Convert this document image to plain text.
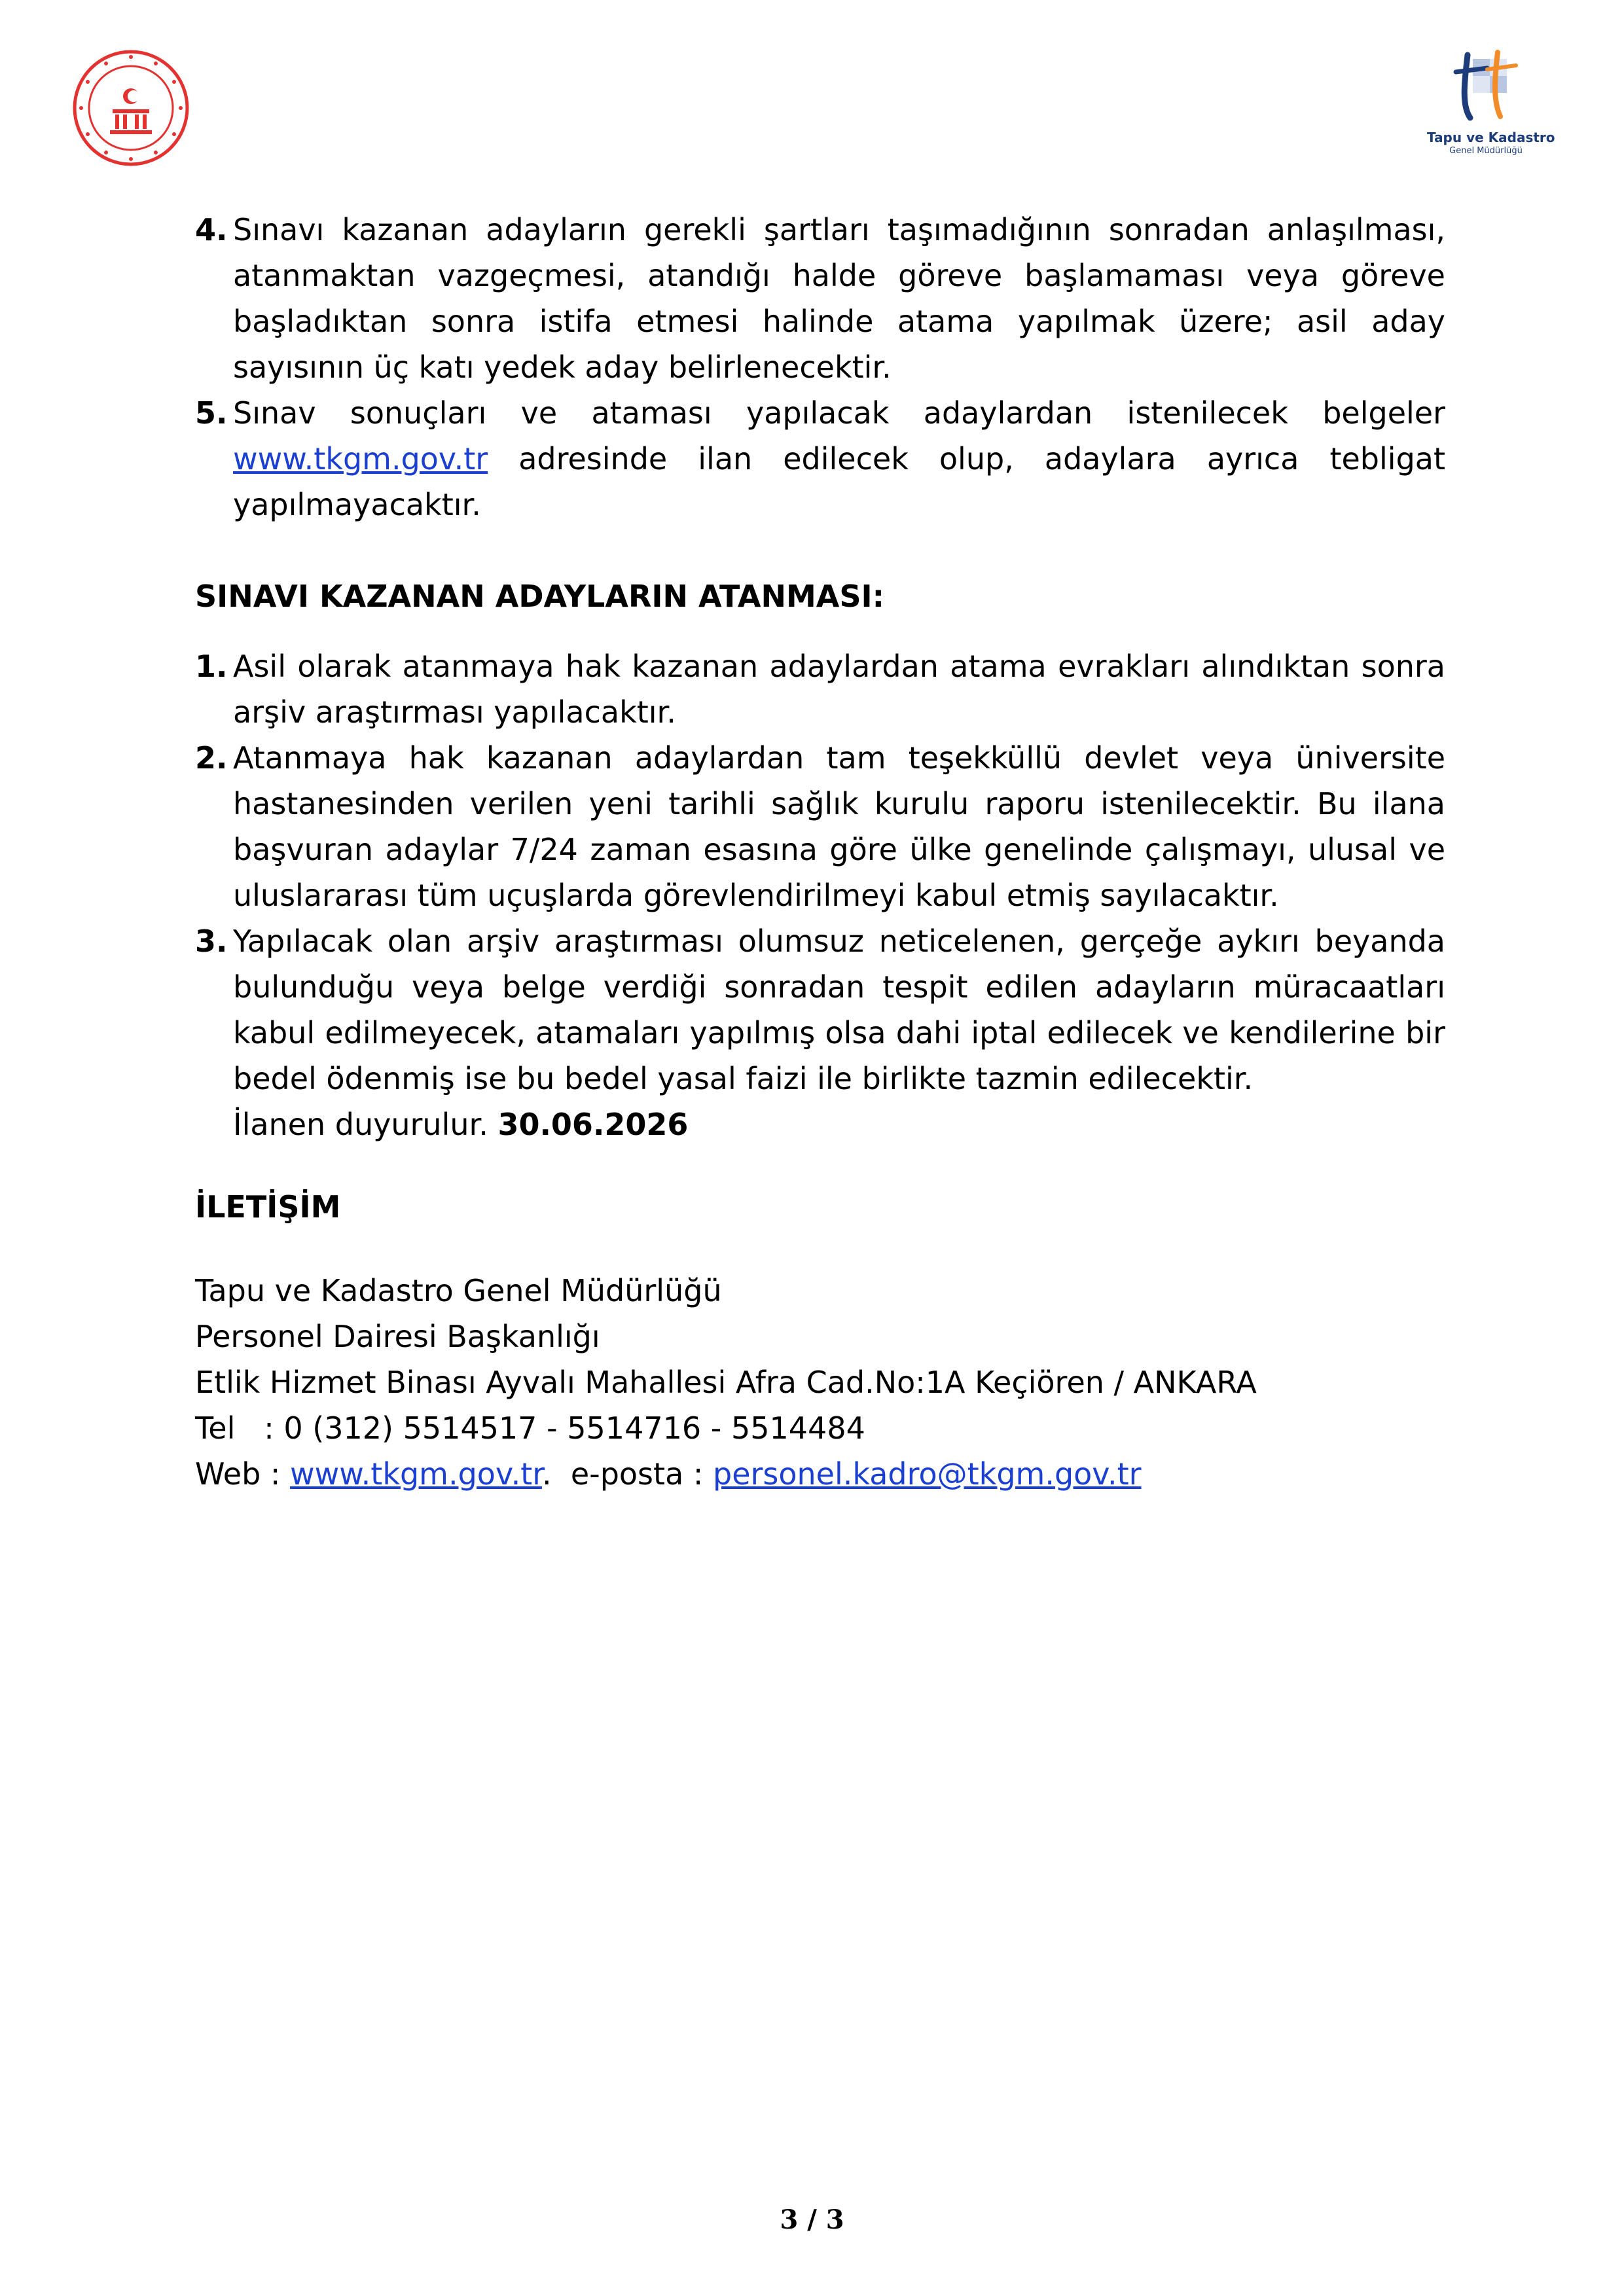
Tapu ve Kadastro
Genel Müdürlüğü
4. Sınavı kazanan adayların gerekli şartları taşımadığının sonradan anlaşılması, atanmaktan vazgeçmesi, atandığı halde göreve başlamaması veya göreve başladıktan sonra istifa etmesi halinde atama yapılmak üzere; asil aday sayısının üç katı yedek aday belirlenecektir.
5. Sınav sonuçları ve ataması yapılacak adaylardan istenilecek belgeler www.tkgm.gov.tr adresinde ilan edilecek olup, adaylara ayrıca tebligat yapılmayacaktır.
SINAVI KAZANAN ADAYLARIN ATANMASI:
1. Asil olarak atanmaya hak kazanan adaylardan atama evrakları alındıktan sonra arşiv araştırması yapılacaktır.
2. Atanmaya hak kazanan adaylardan tam teşekküllü devlet veya üniversite hastanesinden verilen yeni tarihli sağlık kurulu raporu istenilecektir. Bu ilana başvuran adaylar 7/24 zaman esasına göre ülke genelinde çalışmayı, ulusal ve uluslararası tüm uçuşlarda görevlendirilmeyi kabul etmiş sayılacaktır.
3. Yapılacak olan arşiv araştırması olumsuz neticelenen, gerçeğe aykırı beyanda bulunduğu veya belge verdiği sonradan tespit edilen adayların müracaatları kabul edilmeyecek, atamaları yapılmış olsa dahi iptal edilecek ve kendilerine bir bedel ödenmiş ise bu bedel yasal faizi ile birlikte tazmin edilecektir.
İlanen duyurulur. 30.06.2026
İLETİŞİM
Tapu ve Kadastro Genel Müdürlüğü
Personel Dairesi Başkanlığı
Etlik Hizmet Binası Ayvalı Mahallesi Afra Cad.No:1A Keçiören / ANKARA
Tel   : 0 (312) 5514517 - 5514716 - 5514484
Web : www.tkgm.gov.tr.  e-posta : personel.kadro@tkgm.gov.tr
3 / 3
